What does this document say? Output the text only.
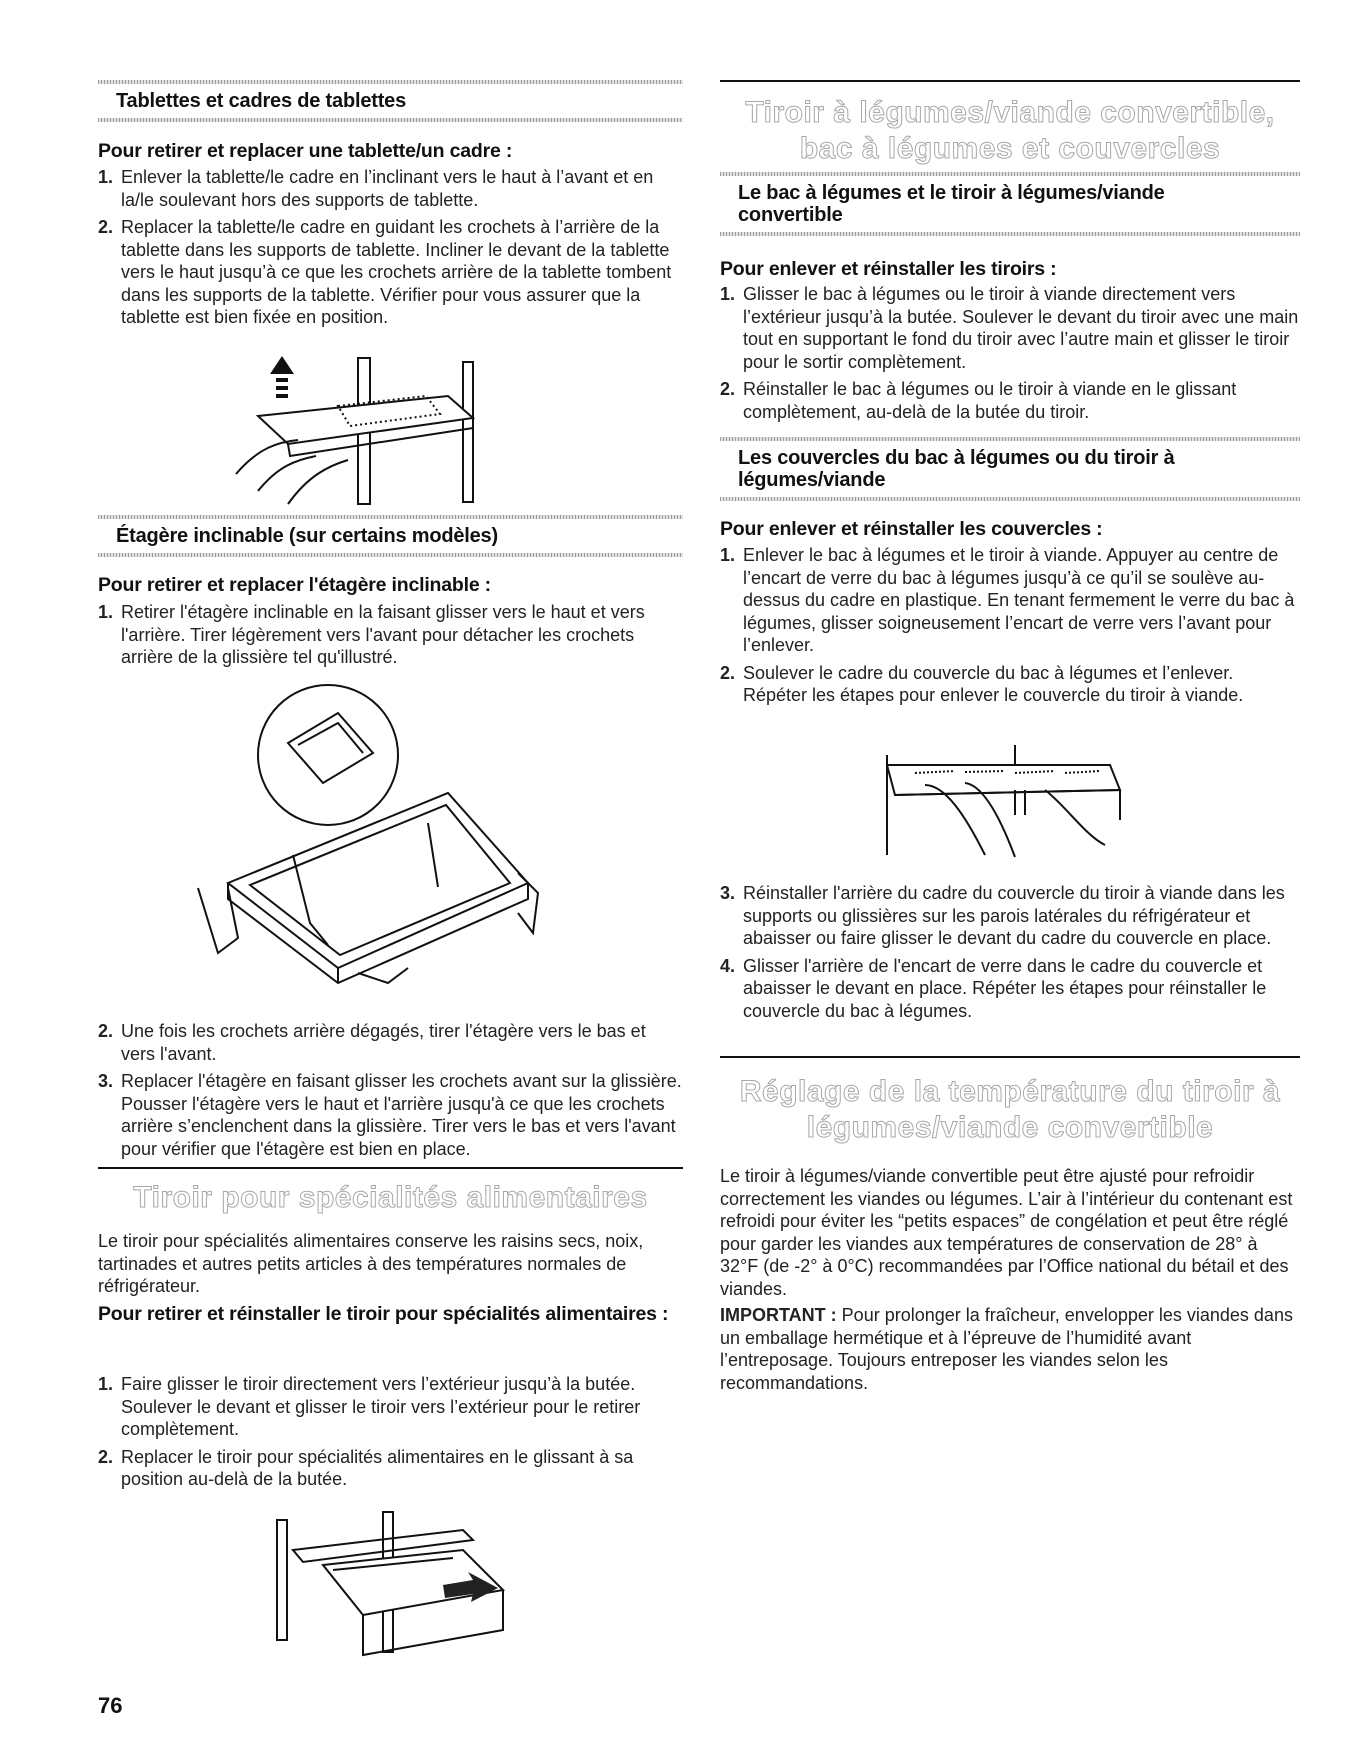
Tablettes et cadres de tablettes
Pour retirer et replacer une tablette/un cadre :
1. Enlever la tablette/le cadre en l’inclinant vers le haut à l’avant et en la/le soulevant hors des supports de tablette.
2. Replacer la tablette/le cadre en guidant les crochets à l’arrière de la tablette dans les supports de tablette. Incliner le devant de la tablette vers le haut jusqu’à ce que les crochets arrière de la tablette tombent dans les supports de la tablette. Vérifier pour vous assurer que la tablette est bien fixée en position.
Étagère inclinable (sur certains modèles)
Pour retirer et replacer l'étagère inclinable :
1. Retirer l'étagère inclinable en la faisant glisser vers le haut et vers l'arrière. Tirer légèrement vers l'avant pour détacher les crochets arrière de la glissière tel qu'illustré.
2. Une fois les crochets arrière dégagés, tirer l'étagère vers le bas et vers l'avant.
3. Replacer l'étagère en faisant glisser les crochets avant sur la glissière. Pousser l'étagère vers le haut et l'arrière jusqu'à ce que les crochets arrière s’enclenchent dans la glissière. Tirer vers le bas et vers l'avant pour vérifier que l'étagère est bien en place.
Tiroir pour spécialités alimentaires
Le tiroir pour spécialités alimentaires conserve les raisins secs, noix, tartinades et autres petits articles à des températures normales de réfrigérateur.
Pour retirer et réinstaller le tiroir pour spécialités alimentaires :
1. Faire glisser le tiroir directement vers l’extérieur jusqu’à la butée. Soulever le devant et glisser le tiroir vers l’extérieur pour le retirer complètement.
2. Replacer le tiroir pour spécialités alimentaires en le glissant à sa position au-delà de la butée.
Tiroir à légumes/viande convertible, bac à légumes et couvercles
Le bac à légumes et le tiroir à légumes/viande convertible
Pour enlever et réinstaller les tiroirs :
1. Glisser le bac à légumes ou le tiroir à viande directement vers l’extérieur jusqu’à la butée. Soulever le devant du tiroir avec une main tout en supportant le fond du tiroir avec l’autre main et glisser le tiroir pour le sortir complètement.
2. Réinstaller le bac à légumes ou le tiroir à viande en le glissant complètement, au-delà de la butée du tiroir.
Les couvercles du bac à légumes ou du tiroir à légumes/viande
Pour enlever et réinstaller les couvercles :
1. Enlever le bac à légumes et le tiroir à viande. Appuyer au centre de l’encart de verre du bac à légumes jusqu’à ce qu’il se soulève au-dessus du cadre en plastique. En tenant fermement le verre du bac à légumes, glisser soigneusement l’encart de verre vers l’avant pour l’enlever.
2. Soulever le cadre du couvercle du bac à légumes et l’enlever. Répéter les étapes pour enlever le couvercle du tiroir à viande.
3. Réinstaller l'arrière du cadre du couvercle du tiroir à viande dans les supports ou glissières sur les parois latérales du réfrigérateur et abaisser ou faire glisser le devant du cadre du couvercle en place.
4. Glisser l'arrière de l'encart de verre dans le cadre du couvercle et abaisser le devant en place. Répéter les étapes pour réinstaller le couvercle du bac à légumes.
Réglage de la température du tiroir à légumes/viande convertible
Le tiroir à légumes/viande convertible peut être ajusté pour refroidir correctement les viandes ou légumes. L’air à l’intérieur du contenant est refroidi pour éviter les “petits espaces” de congélation et peut être réglé pour garder les viandes aux températures de conservation de 28° à 32°F (de -2° à 0°C) recommandées par l’Office national du bétail et des viandes.
IMPORTANT : Pour prolonger la fraîcheur, envelopper les viandes dans un emballage hermétique et à l’épreuve de l’humidité avant l’entreposage. Toujours entreposer les viandes selon les recommandations.
76
